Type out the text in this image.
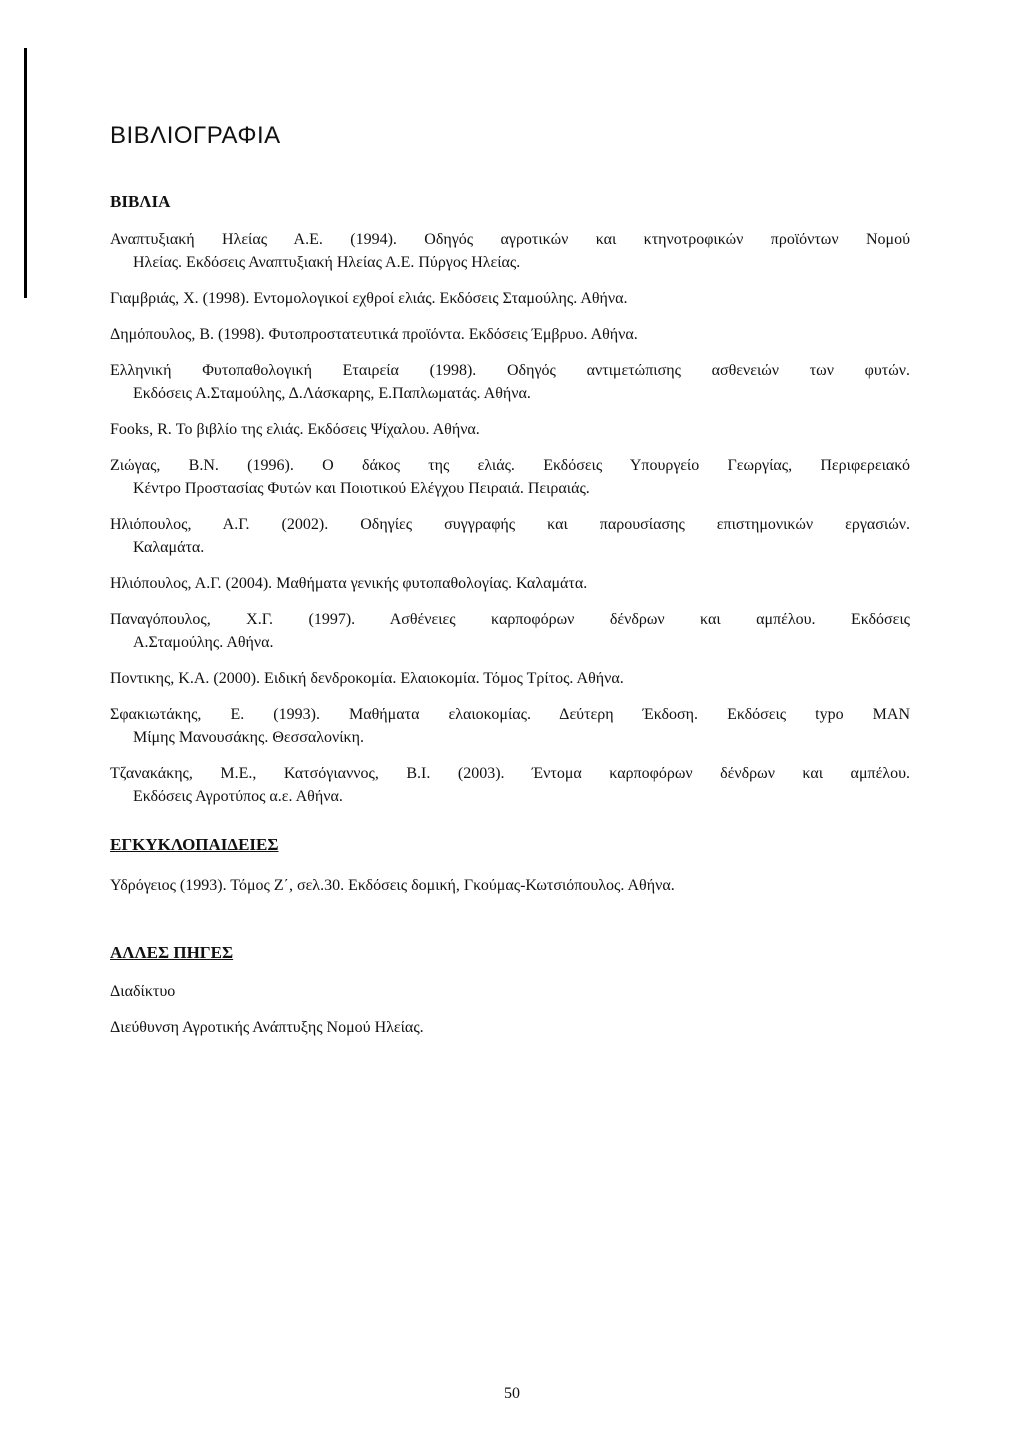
ΒΙΒΛΙΟΓΡΑΦΙΑ
ΒΙΒΛΙΑ
Αναπτυξιακή Ηλείας Α.Ε. (1994). Οδηγός αγροτικών και κτηνοτροφικών προϊόντων Νομού
Ηλείας. Εκδόσεις Αναπτυξιακή Ηλείας Α.Ε. Πύργος Ηλείας.
Γιαμβριάς, Χ. (1998). Εντομολογικοί εχθροί ελιάς. Εκδόσεις Σταμούλης. Αθήνα.
Δημόπουλος, Β. (1998). Φυτοπροστατευτικά προϊόντα. Εκδόσεις Έμβρυο. Αθήνα.
Ελληνική Φυτοπαθολογική Εταιρεία (1998). Οδηγός αντιμετώπισης ασθενειών των φυτών.
Εκδόσεις Α.Σταμούλης, Δ.Λάσκαρης, Ε.Παπλωματάς. Αθήνα.
Fooks, R. Το βιβλίο της ελιάς. Εκδόσεις Ψίχαλου. Αθήνα.
Ζιώγας, Β.Ν. (1996). Ο δάκος της ελιάς. Εκδόσεις Υπουργείο Γεωργίας, Περιφερειακό
Κέντρο Προστασίας Φυτών και Ποιοτικού Ελέγχου Πειραιά. Πειραιάς.
Ηλιόπουλος, Α.Γ. (2002). Οδηγίες συγγραφής και παρουσίασης επιστημονικών εργασιών.
Καλαμάτα.
Ηλιόπουλος, Α.Γ. (2004). Μαθήματα γενικής φυτοπαθολογίας. Καλαμάτα.
Παναγόπουλος, Χ.Γ. (1997). Ασθένειες καρποφόρων δένδρων και αμπέλου. Εκδόσεις
Α.Σταμούλης. Αθήνα.
Ποντικης, Κ.Α. (2000). Ειδική δενδροκομία. Ελαιοκομία. Τόμος Τρίτος. Αθήνα.
Σφακιωτάκης, Ε. (1993). Μαθήματα ελαιοκομίας. Δεύτερη Έκδοση. Εκδόσεις typo MAN
Μίμης Μανουσάκης. Θεσσαλονίκη.
Τζανακάκης, Μ.Ε., Κατσόγιαννος, Β.Ι. (2003). Έντομα καρποφόρων δένδρων και αμπέλου.
Εκδόσεις Αγροτύπος α.ε. Αθήνα.
ΕΓΚΥΚΛΟΠΑΙΔΕΙΕΣ
Υδρόγειος (1993). Τόμος Ζ΄, σελ.30. Εκδόσεις δομική, Γκούμας-Κωτσιόπουλος. Αθήνα.
ΑΛΛΕΣ ΠΗΓΕΣ
Διαδίκτυο
Διεύθυνση Αγροτικής Ανάπτυξης Νομού Ηλείας.
50
